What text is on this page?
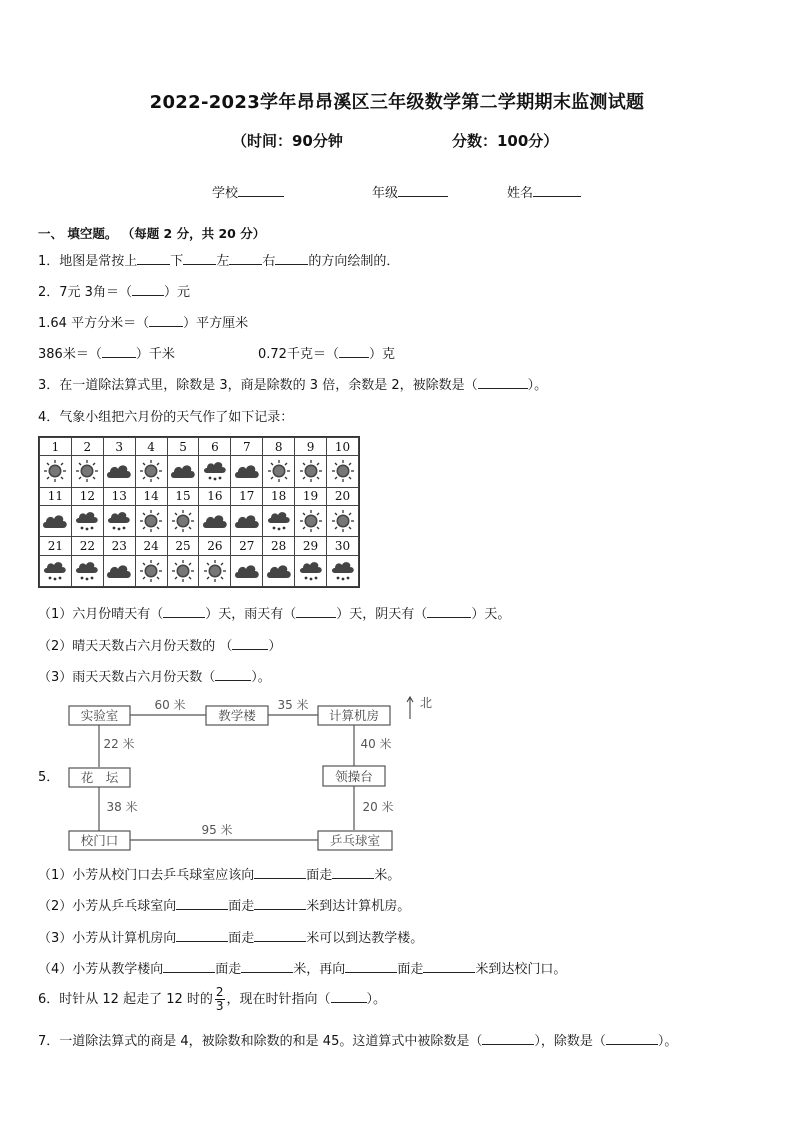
2022-2023学年昂昂溪区三年级数学第二学期期末监测试题
（时间：90分钟	分数：100分）
学校	年级	姓名
一、 填空题。 （每题 2 分，共 20 分）
1．地图是常按上	下	左	右	的方向绘制的．
2．7元 3角＝（ ）元
1.64 平方分米＝（	）平方厘米
386米＝（	）千米	0.72千克＝（ ）克
3．在一道除法算式里，除数是 3，商是除数的 3 倍，余数是 2，被除数是（	）。
4．气象小组把六月份的天气作了如下记录：
1	2	3	4	5	6	7	8	9	10

11	12	13	14	15	16	17	18	19	20

21	22	23	24	25	26	27	28	29	30

（1）六月份晴天有（	）天，雨天有（	）天，阴天有（	）天。
（2）晴天天数占六月份天数的 （	）
（3）雨天天数占六月份天数（	）。
5．
实验室	教学楼	计算机房
花　坛	领操台
校门口	乒乓球室
60 米	35 米
22 米	40 米
38 米	20 米
95 米
北
（1）小芳从校门口去乒乓球室应该向	面走	米。
（2）小芳从乒乓球室向	面走	米到达计算机房。
（3）小芳从计算机房向	面走	米可以到达教学楼。
（4）小芳从教学楼向	面走	米，再向	面走	米到达校门口。
6．时针从 12 起走了 12 时的 $\frac{2}{3}$ ，现在时针指向（	）。
7．一道除法算式的商是 4，被除数和除数的和是 45。这道算式中被除数是（	），除数是（	）。
